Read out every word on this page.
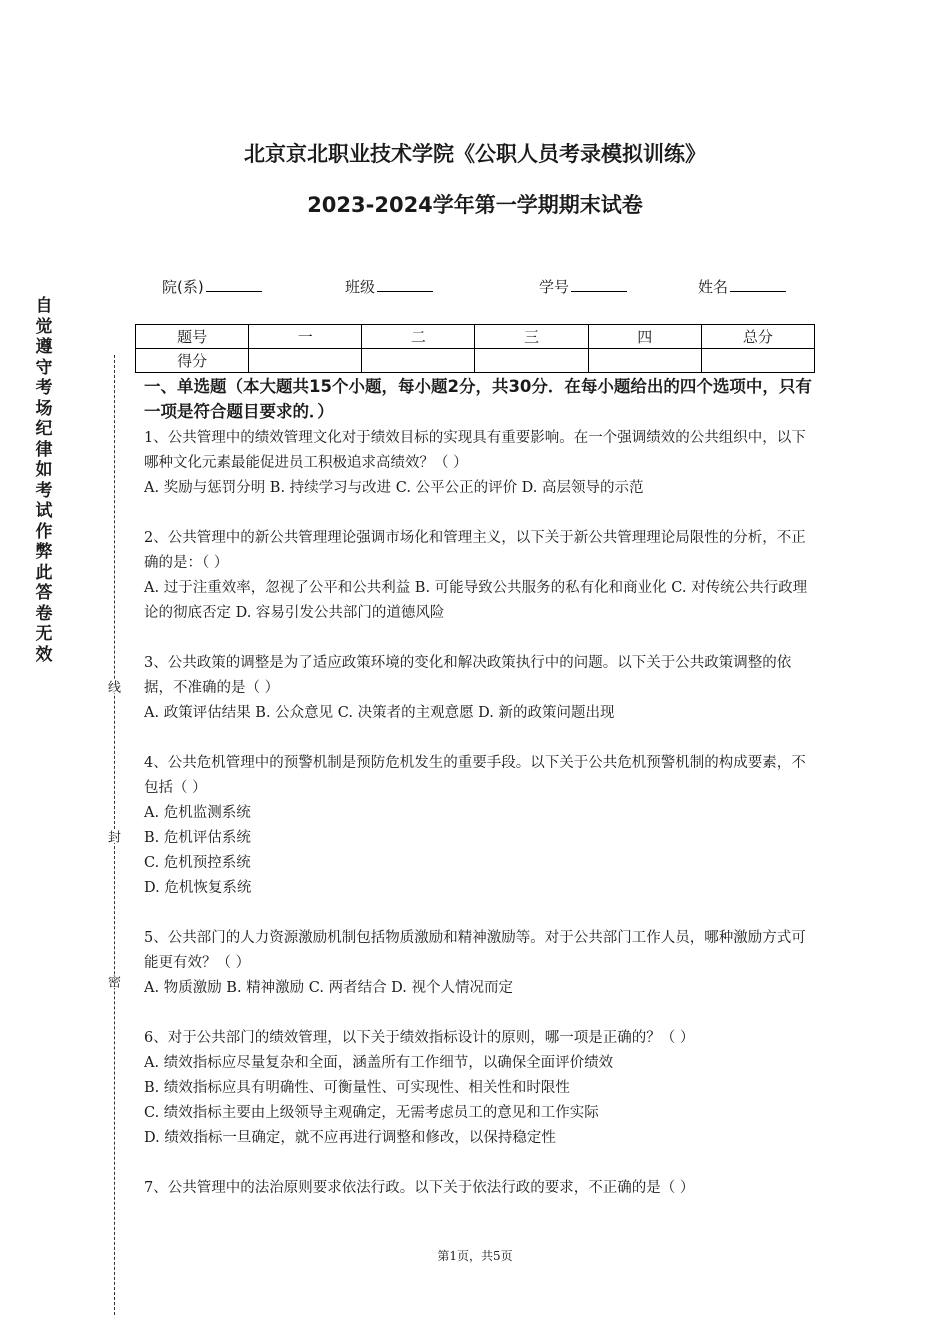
北京京北职业技术学院《公职人员考录模拟训练》
2023-2024学年第一学期期末试卷
院(系)	班级	学号	姓名
题号	一	二	三	四	总分
得分					
自觉遵守考场纪律如考试作弊此答卷无效
线
封
密
一、单选题（本大题共15个小题，每小题2分，共30分．在每小题给出的四个选项中，只有一项是符合题目要求的．）

1、公共管理中的绩效管理文化对于绩效目标的实现具有重要影响。在一个强调绩效的公共组织中，以下哪种文化元素最能促进员工积极追求高绩效？（ ）

A. 奖励与惩罚分明 B. 持续学习与改进 C. 公平公正的评价 D. 高层领导的示范

2、公共管理中的新公共管理理论强调市场化和管理主义，以下关于新公共管理理论局限性的分析，不正确的是：（ ）

A. 过于注重效率，忽视了公平和公共利益 B. 可能导致公共服务的私有化和商业化 C. 对传统公共行政理论的彻底否定 D. 容易引发公共部门的道德风险

3、公共政策的调整是为了适应政策环境的变化和解决政策执行中的问题。以下关于公共政策调整的依据，不准确的是（ ）

A. 政策评估结果 B. 公众意见 C. 决策者的主观意愿 D. 新的政策问题出现

4、公共危机管理中的预警机制是预防危机发生的重要手段。以下关于公共危机预警机制的构成要素，不包括（ ）

A. 危机监测系统

B. 危机评估系统

C. 危机预控系统

D. 危机恢复系统

5、公共部门的人力资源激励机制包括物质激励和精神激励等。对于公共部门工作人员，哪种激励方式可能更有效？（ ）

A. 物质激励 B. 精神激励 C. 两者结合 D. 视个人情况而定

6、对于公共部门的绩效管理，以下关于绩效指标设计的原则，哪一项是正确的？（ ）

A. 绩效指标应尽量复杂和全面，涵盖所有工作细节，以确保全面评价绩效

B. 绩效指标应具有明确性、可衡量性、可实现性、相关性和时限性

C. 绩效指标主要由上级领导主观确定，无需考虑员工的意见和工作实际

D. 绩效指标一旦确定，就不应再进行调整和修改，以保持稳定性

7、公共管理中的法治原则要求依法行政。以下关于依法行政的要求，不正确的是（ ）

第1页，共5页
